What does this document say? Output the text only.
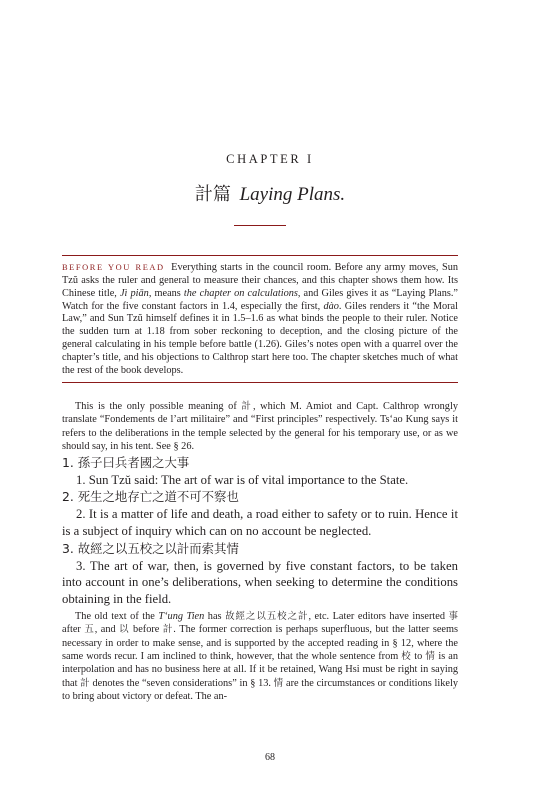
CHAPTER I
計篇 Laying Plans.
BEFORE YOU READ Everything starts in the council room. Before any army moves, Sun Tzŭ asks the ruler and general to measure their chances, and this chapter shows them how. Its Chinese title, Jì piān, means the chapter on calculations, and Giles gives it as “Laying Plans.” Watch for the five constant factors in 1.4, especially the first, dào. Giles renders it “the Moral Law,” and Sun Tzŭ himself defines it in 1.5–1.6 as what binds the people to their ruler. Notice the sudden turn at 1.18 from sober reckoning to deception, and the closing picture of the general calculating in his temple before battle (1.26). Giles’s notes open with a quarrel over the chapter’s title, and his objections to Calthrop start here too. The chapter sketches much of what the rest of the book develops.

This is the only possible meaning of 計, which M. Amiot and Capt. Calthrop wrongly translate “Fondements de l’art militaire” and “First principles” respectively. Ts‘ao Kung says it refers to the deliberations in the temple selected by the general for his temporary use, or as we should say, in his tent. See § 26.

1. 孫子曰兵者國之大事

1. Sun Tzŭ said: The art of war is of vital importance to the State.

2. 死生之地存亡之道不可不察也

2. It is a matter of life and death, a road either to safety or to ruin. Hence it is a subject of inquiry which can on no account be neglected.

3. 故經之以五校之以計而索其情

3. The art of war, then, is governed by five constant factors, to be taken into account in one’s deliberations, when seeking to determine the conditions obtaining in the field.

The old text of the T‘ung Tien has 故經之以五校之計, etc. Later editors have inserted 事 after 五, and 以 before 計. The former correction is perhaps superfluous, but the latter seems necessary in order to make sense, and is supported by the accepted reading in § 12, where the same words recur. I am inclined to think, however, that the whole sentence from 校 to 情 is an interpolation and has no business here at all. If it be retained, Wang Hsi must be right in saying that 計 denotes the “seven considerations” in § 13. 情 are the circumstances or conditions likely to bring about victory or defeat. The an-

68
